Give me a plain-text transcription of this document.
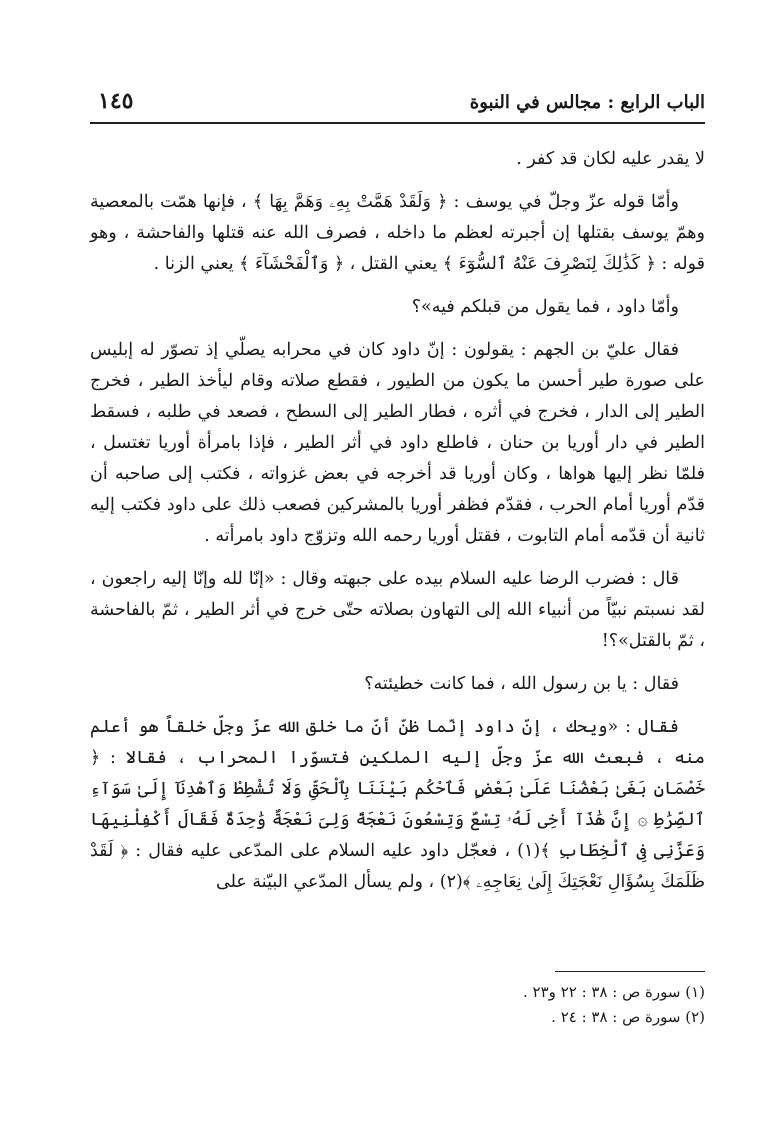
الباب الرابع : مجالس في النبوة
١٤٥

لا يقدر عليه لكان قد كفر .

وأمّا قوله عزّ وجلّ في يوسف : ﴿ وَلَقَدْ هَمَّتْ بِهِۦ وَهَمَّ بِهَا ﴾ ، فإنها همّت بالمعصية وهمّ يوسف بقتلها إن أجبرته لعظم ما داخله ، فصرف الله عنه قتلها والفاحشة ، وهو قوله : ﴿ كَذَٰلِكَ لِنَصْرِفَ عَنْهُ ٱلسُّوٓءَ ﴾ يعني القتل ، ﴿ وَٱلْفَحْشَآءَ ﴾ يعني الزنا .

وأمّا داود ، فما يقول من قبلكم فيه»؟

فقال عليّ بن الجهم : يقولون : إنّ داود كان في محرابه يصلّي إذ تصوّر له إبليس على صورة طير أحسن ما يكون من الطيور ، فقطع صلاته وقام ليأخذ الطير ، فخرج الطير إلى الدار ، فخرج في أثره ، فطار الطير إلى السطح ، فصعد في طلبه ، فسقط الطير في دار أوريا بن حنان ، فاطلع داود في أثر الطير ، فإذا بامرأة أوريا تغتسل ، فلمّا نظر إليها هواها ، وكان أوريا قد أخرجه في بعض غزواته ، فكتب إلى صاحبه أن قدّم أوريا أمام الحرب ، فقدّم فظفر أوريا بالمشركين فصعب ذلك على داود فكتب إليه ثانية أن قدّمه أمام التابوت ، فقتل أوريا رحمه الله وتزوّج داود بامرأته .

قال : فضرب الرضا عليه السلام بيده على جبهته وقال : «إنّا لله وإنّا إليه راجعون ، لقد نسبتم نبيّاً من أنبياء الله إلى التهاون بصلاته حتّى خرج في أثر الطير ، ثمّ بالفاحشة ، ثمّ بالقتل»؟!

فقال : يا بن رسول الله ، فما كانت خطيئته؟

فقال : «ويحك ، إنّ داود إنّما ظنّ أنّ ما خلق الله عزّ وجلّ خلقاً هو أعلم منه ، فبعث الله عزّ وجلّ إليه الملكين فتسوّرا المحراب ، فقالا : ﴿ خَصْمَانِ بَغَىٰ بَعْضُنَا عَلَىٰ بَعْضٍ فَٱحْكُم بَيْنَنَا بِٱلْحَقِّ وَلَا تُشْطِطْ وَٱهْدِنَآ إِلَىٰ سَوَآءِ ٱلصِّرَٰطِ ۞ إِنَّ هَٰذَآ أَخِى لَهُۥ تِسْعٌ وَتِسْعُونَ نَعْجَةً وَلِىَ نَعْجَةٌ وَٰحِدَةٌ فَقَالَ أَكْفِلْنِيهَا وَعَزَّنِى فِى ٱلْخِطَابِ ﴾(١) ، فعجّل داود عليه السلام على المدّعى عليه فقال : ﴿ لَقَدْ ظَلَمَكَ بِسُؤَالِ نَعْجَتِكَ إِلَىٰ نِعَاجِهِۦ ﴾(٢) ، ولم يسأل المدّعي البيّنة على

(١) سورة ص : ٣٨ : ٢٢ و٢٣ .
(٢) سورة ص : ٣٨ : ٢٤ .
